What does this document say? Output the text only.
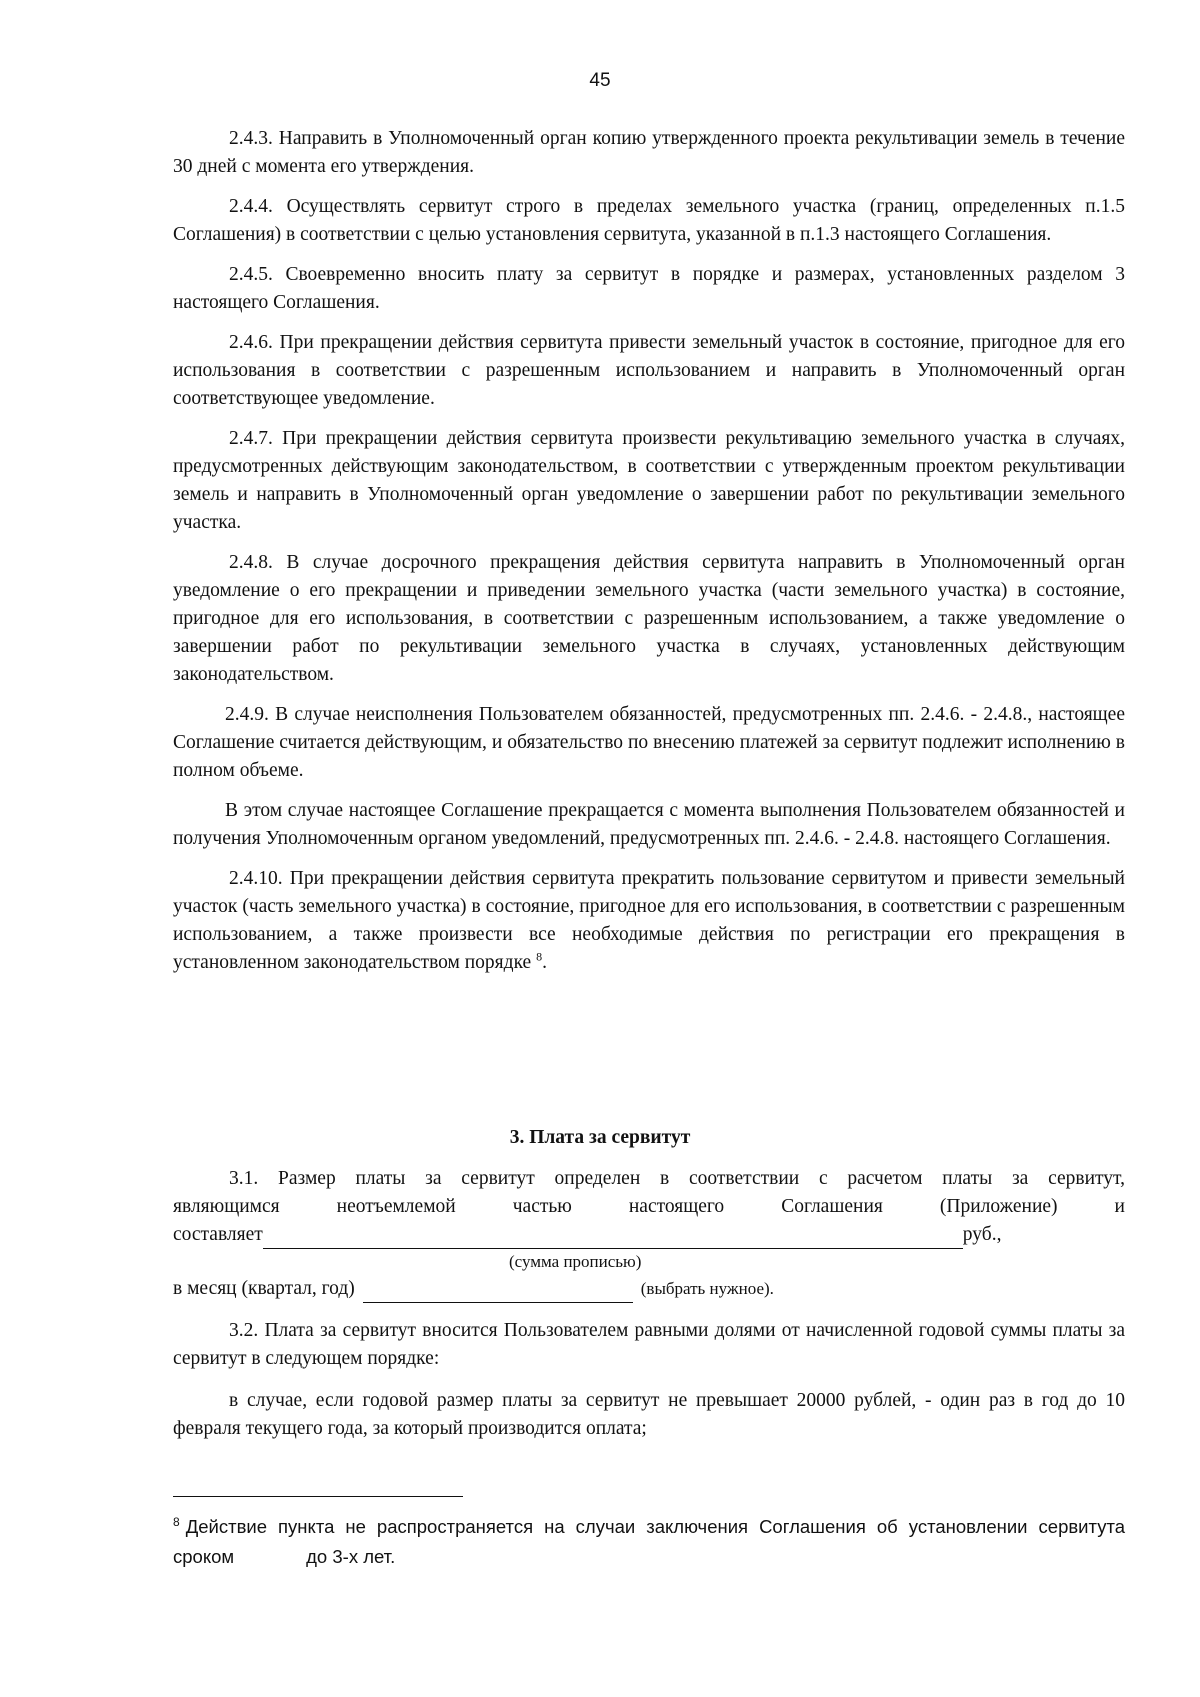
45

2.4.3. Направить в Уполномоченный орган копию утвержденного проекта рекультивации земель в течение 30 дней с момента его утверждения.

2.4.4. Осуществлять сервитут строго в пределах земельного участка (границ, определенных п.1.5 Соглашения) в соответствии с целью установления сервитута, указанной в п.1.3 настоящего Соглашения.

2.4.5. Своевременно вносить плату за сервитут в порядке и размерах, установленных разделом 3 настоящего Соглашения.

2.4.6. При прекращении действия сервитута привести земельный участок в состояние, пригодное для его использования в соответствии с разрешенным использованием и направить в Уполномоченный орган соответствующее уведомление.

2.4.7. При прекращении действия сервитута произвести рекультивацию земельного участка в случаях, предусмотренных действующим законодательством, в соответствии с утвержденным проектом рекультивации земель и направить в Уполномоченный орган уведомление о завершении работ по рекультивации земельного участка.

2.4.8. В случае досрочного прекращения действия сервитута направить в Уполномоченный орган уведомление о его прекращении и приведении земельного участка (части земельного участка) в состояние, пригодное для его использования, в соответствии с разрешенным использованием, а также уведомление о завершении работ по рекультивации земельного участка в случаях, установленных действующим законодательством.

2.4.9. В случае неисполнения Пользователем обязанностей, предусмотренных пп. 2.4.6. - 2.4.8., настоящее Соглашение считается действующим, и обязательство по внесению платежей за сервитут подлежит исполнению в полном объеме.

В этом случае настоящее Соглашение прекращается с момента выполнения Пользователем обязанностей и получения Уполномоченным органом уведомлений, предусмотренных пп. 2.4.6. - 2.4.8. настоящего Соглашения.

2.4.10. При прекращении действия сервитута прекратить пользование сервитутом и привести земельный участок (часть земельного участка) в состояние, пригодное для его использования, в соответствии с разрешенным использованием, а также произвести все необходимые действия по регистрации его прекращения в установленном законодательством порядке $^8$.

3. Плата за сервитут

3.1. Размер платы за сервитут определен в соответствии с расчетом платы за сервитут,

являющимся неотъемлемой частью настоящего Соглашения (Приложение) и

составляет	руб.,
(сумма прописью)
в месяц (квартал, год)	(выбрать нужное).

3.2. Плата за сервитут вносится Пользователем равными долями от начисленной годовой суммы платы за сервитут в следующем порядке:

в случае, если годовой размер платы за сервитут не превышает 20000 рублей, - один раз в год до 10 февраля текущего года, за который производится оплата;

$^8$ Действие пункта не распространяется на случаи заключения Соглашения об установлении сервитута сроком	до 3-х лет.
